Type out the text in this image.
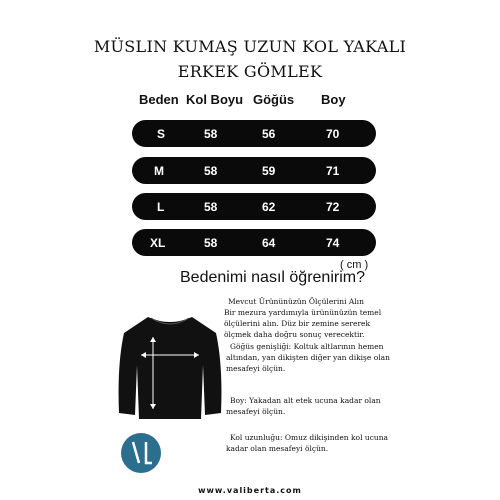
MÜSLIN KUMAŞ UZUN KOL YAKALI
ERKEK GÖMLEK
Beden Kol Boyu Göğüs Boy
S	58	56	70
M	58	59	71
L	58	62	72
XL	58	64	74
( cm )
Bedenimi nasıl öğrenirim?
Mevcut Ürününüzün Ölçülerini Alın
Bir mezura yardımıyla ürününüzün temel
ölçülerini alın. Düz bir zemine sererek
ölçmek daha doğru sonuç verecektir.
Göğüs genişliği: Koltuk altlarının hemen
altından, yan dikişten diğer yan dikişe olan
mesafeyi ölçün.
Boy: Yakadan alt etek ucuna kadar olan
mesafeyi ölçün.
Kol uzunluğu: Omuz dikişinden kol ucuna
kadar olan mesafeyi ölçün.
www.valiberta.com
